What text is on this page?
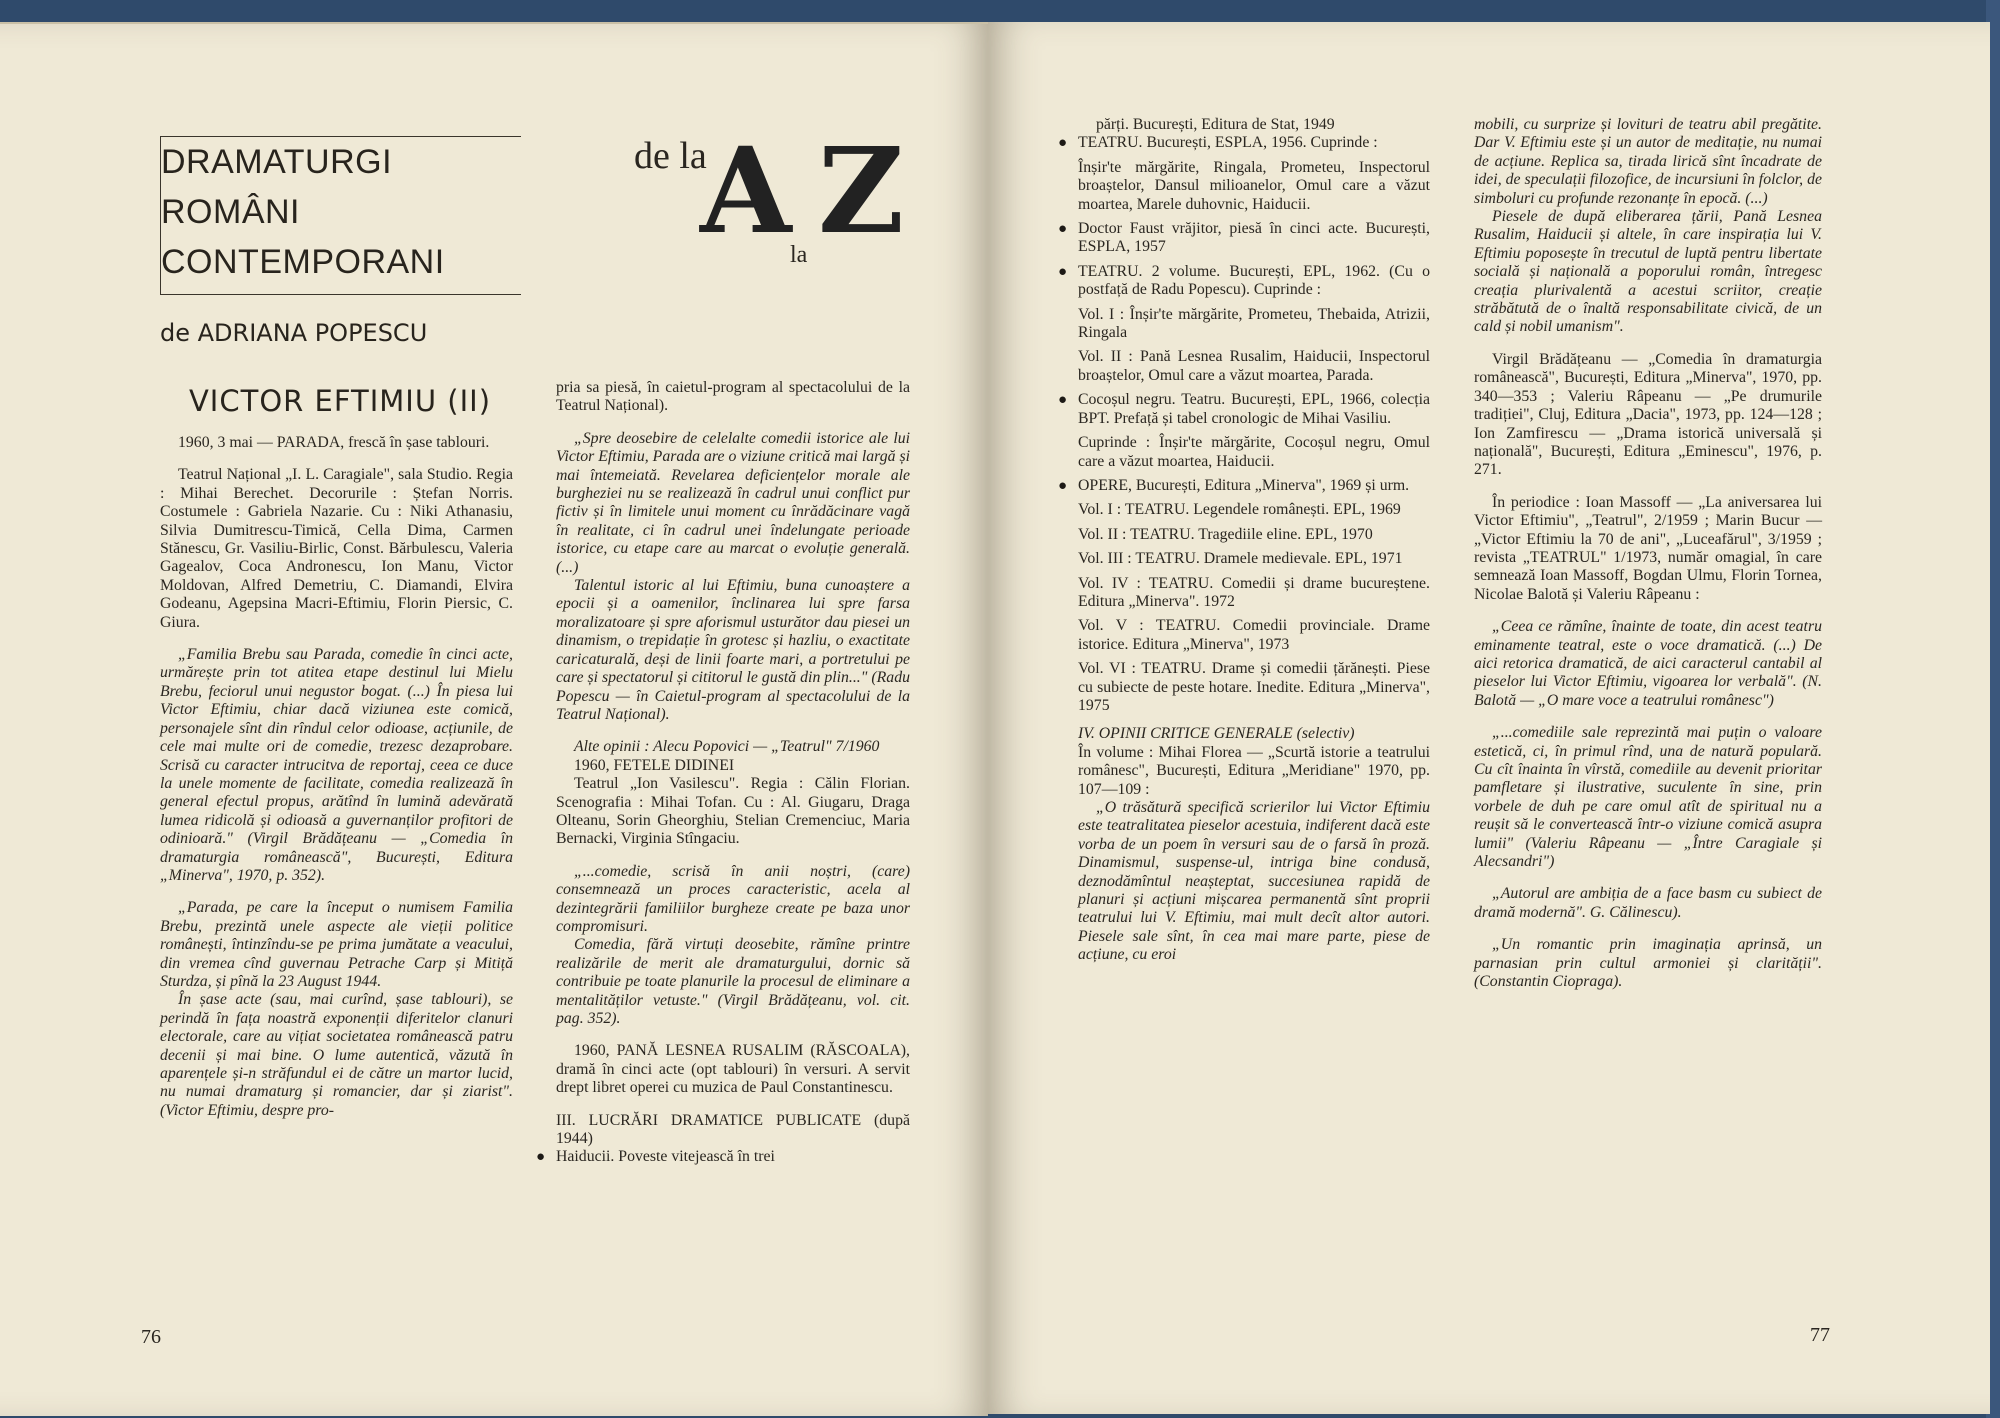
DRAMATURGI
ROMÂNI
CONTEMPORANI
de ADRIANA POPESCU
VICTOR EFTIMIU (II)
de la
A
la Z

1960, 3 mai — PARADA, frescă în șase tablouri.

Teatrul Național „I. L. Caragiale", sala Studio. Regia : Mihai Berechet. Decorurile : Ștefan Norris. Costumele : Gabriela Nazarie. Cu : Niki Athanasiu, Silvia Dumitrescu-Timică, Cella Dima, Carmen Stănescu, Gr. Vasiliu-Birlic, Const. Bărbulescu, Valeria Gagealov, Coca Andronescu, Ion Manu, Victor Moldovan, Alfred Demetriu, C. Diamandi, Elvira Godeanu, Agepsina Macri-Eftimiu, Florin Piersic, C. Giura.

„Familia Brebu sau Parada, comedie în cinci acte, urmărește prin tot atitea etape destinul lui Mielu Brebu, feciorul unui negustor bogat. (...) În piesa lui Victor Eftimiu, chiar dacă viziunea este comică, personajele sînt din rîndul celor odioase, acțiunile, de cele mai multe ori de comedie, trezesc dezaprobare. Scrisă cu caracter intrucitva de reportaj, ceea ce duce la unele momente de facilitate, comedia realizează în general efectul propus, arătînd în lumină adevărată lumea ridicolă și odioasă a guvernanților profitori de odinioară." (Virgil Brădățeanu — „Comedia în dramaturgia românească", București, Editura „Minerva", 1970, p. 352).

„Parada, pe care la început o numisem Familia Brebu, prezintă unele aspecte ale vieții politice românești, întinzîndu-se pe prima jumătate a veacului, din vremea cînd guvernau Petrache Carp și Mitiță Sturdza, și pînă la 23 August 1944.

În șase acte (sau, mai curînd, șase tablouri), se perindă în fața noastră exponenții diferitelor clanuri electorale, care au vițiat societatea românească patru decenii și mai bine. O lume autentică, văzută în aparențele și-n străfundul ei de către un martor lucid, nu numai dramaturg și romancier, dar și ziarist". (Victor Eftimiu, despre pro-

pria sa piesă, în caietul-program al spectacolului de la Teatrul Național).

„Spre deosebire de celelalte comedii istorice ale lui Victor Eftimiu, Parada are o viziune critică mai largă și mai întemeiată. Revelarea deficiențelor morale ale burgheziei nu se realizează în cadrul unui conflict pur fictiv și în limitele unui moment cu înrădăcinare vagă în realitate, ci în cadrul unei îndelungate perioade istorice, cu etape care au marcat o evoluție generală. (...)

Talentul istoric al lui Eftimiu, buna cunoaștere a epocii și a oamenilor, înclinarea lui spre farsa moralizatoare și spre aforismul usturător dau piesei un dinamism, o trepidație în grotesc și hazliu, o exactitate caricaturală, deși de linii foarte mari, a portretului pe care și spectatorul și cititorul le gustă din plin..." (Radu Popescu — în Caietul-program al spectacolului de la Teatrul Național).

Alte opinii : Alecu Popovici — „Teatrul" 7/1960

1960, FETELE DIDINEI

Teatrul „Ion Vasilescu". Regia : Călin Florian. Scenografia : Mihai Tofan. Cu : Al. Giugaru, Draga Olteanu, Sorin Gheorghiu, Stelian Cremenciuc, Maria Bernacki, Virginia Stîngaciu.

„...comedie, scrisă în anii noștri, (care) consemnează un proces caracteristic, acela al dezintegrării familiilor burgheze create pe baza unor compromisuri.

Comedia, fără virtuți deosebite, rămîne printre realizările de merit ale dramaturgului, dornic să contribuie pe toate planurile la procesul de eliminare a mentalităților vetuste." (Virgil Brădățeanu, vol. cit. pag. 352).

1960, PANĂ LESNEA RUSALIM (RĂSCOALA), dramă în cinci acte (opt tablouri) în versuri. A servit drept libret operei cu muzica de Paul Constantinescu.

III. LUCRĂRI DRAMATICE PUBLICATE (după 1944)

● Haiducii. Poveste vitejească în trei
76

părți. București, Editura de Stat, 1949

● TEATRU. București, ESPLA, 1956. Cuprinde :
Înșir'te mărgărite, Ringala, Prometeu, Inspectorul broaștelor, Dansul milioanelor, Omul care a văzut moartea, Marele duhovnic, Haiducii.
● Doctor Faust vrăjitor, piesă în cinci acte. București, ESPLA, 1957
● TEATRU. 2 volume. București, EPL, 1962. (Cu o postfață de Radu Popescu). Cuprinde :
Vol. I : Înșir'te mărgărite, Prometeu, Thebaida, Atrizii, Ringala
Vol. II : Pană Lesnea Rusalim, Haiducii, Inspectorul broaștelor, Omul care a văzut moartea, Parada.
● Cocoșul negru. Teatru. București, EPL, 1966, colecția BPT. Prefață și tabel cronologic de Mihai Vasiliu.
Cuprinde : Înșir'te mărgărite, Cocoșul negru, Omul care a văzut moartea, Haiducii.
● OPERE, București, Editura „Minerva", 1969 și urm.
Vol. I : TEATRU. Legendele românești. EPL, 1969
Vol. II : TEATRU. Tragediile eline. EPL, 1970
Vol. III : TEATRU. Dramele medievale. EPL, 1971
Vol. IV : TEATRU. Comedii și drame bucureștene. Editura „Minerva". 1972
Vol. V : TEATRU. Comedii provinciale. Drame istorice. Editura „Minerva", 1973
Vol. VI : TEATRU. Drame și comedii țărănești. Piese cu subiecte de peste hotare. Inedite. Editura „Minerva", 1975

IV. OPINII CRITICE GENERALE (selectiv)

În volume : Mihai Florea — „Scurtă istorie a teatrului românesc", București, Editura „Meridiane" 1970, pp. 107—109 :

„O trăsătură specifică scrierilor lui Victor Eftimiu este teatralitatea pieselor acestuia, indiferent dacă este vorba de un poem în versuri sau de o farsă în proză. Dinamismul, suspense-ul, intriga bine condusă, deznodămîntul neașteptat, succesiunea rapidă de planuri și acțiuni mișcarea permanentă sînt proprii teatrului lui V. Eftimiu, mai mult decît altor autori. Piesele sale sînt, în cea mai mare parte, piese de acțiune, cu eroi

mobili, cu surprize și lovituri de teatru abil pregătite. Dar V. Eftimiu este și un autor de meditație, nu numai de acțiune. Replica sa, tirada lirică sînt încadrate de idei, de speculații filozofice, de incursiuni în folclor, de simboluri cu profunde rezonanțe în epocă. (...)

Piesele de după eliberarea țării, Pană Lesnea Rusalim, Haiducii și altele, în care inspirația lui V. Eftimiu poposește în trecutul de luptă pentru libertate socială și națională a poporului român, întregesc creația plurivalentă a acestui scriitor, creație străbătută de o înaltă responsabilitate civică, de un cald și nobil umanism".

Virgil Brădățeanu — „Comedia în dramaturgia românească", București, Editura „Minerva", 1970, pp. 340—353 ; Valeriu Râpeanu — „Pe drumurile tradiției", Cluj, Editura „Dacia", 1973, pp. 124—128 ; Ion Zamfirescu — „Drama istorică universală și națională", București, Editura „Eminescu", 1976, p. 271.

În periodice : Ioan Massoff — „La aniversarea lui Victor Eftimiu", „Teatrul", 2/1959 ; Marin Bucur — „Victor Eftimiu la 70 de ani", „Luceafărul", 3/1959 ; revista „TEATRUL" 1/1973, număr omagial, în care semnează Ioan Massoff, Bogdan Ulmu, Florin Tornea, Nicolae Balotă și Valeriu Râpeanu :

„Ceea ce rămîne, înainte de toate, din acest teatru eminamente teatral, este o voce dramatică. (...) De aici retorica dramatică, de aici caracterul cantabil al pieselor lui Victor Eftimiu, vigoarea lor verbală". (N. Balotă — „O mare voce a teatrului românesc")

„...comediile sale reprezintă mai puțin o valoare estetică, ci, în primul rînd, una de natură populară. Cu cît înainta în vîrstă, comediile au devenit prioritar pamfletare și ilustrative, suculente în sine, prin vorbele de duh pe care omul atît de spiritual nu a reușit să le convertească într-o viziune comică asupra lumii" (Valeriu Râpeanu — „Între Caragiale și Alecsandri")

„Autorul are ambiția de a face basm cu subiect de dramă modernă". G. Călinescu).

„Un romantic prin imaginația aprinsă, un parnasian prin cultul armoniei și clarității". (Constantin Ciopraga).

77
